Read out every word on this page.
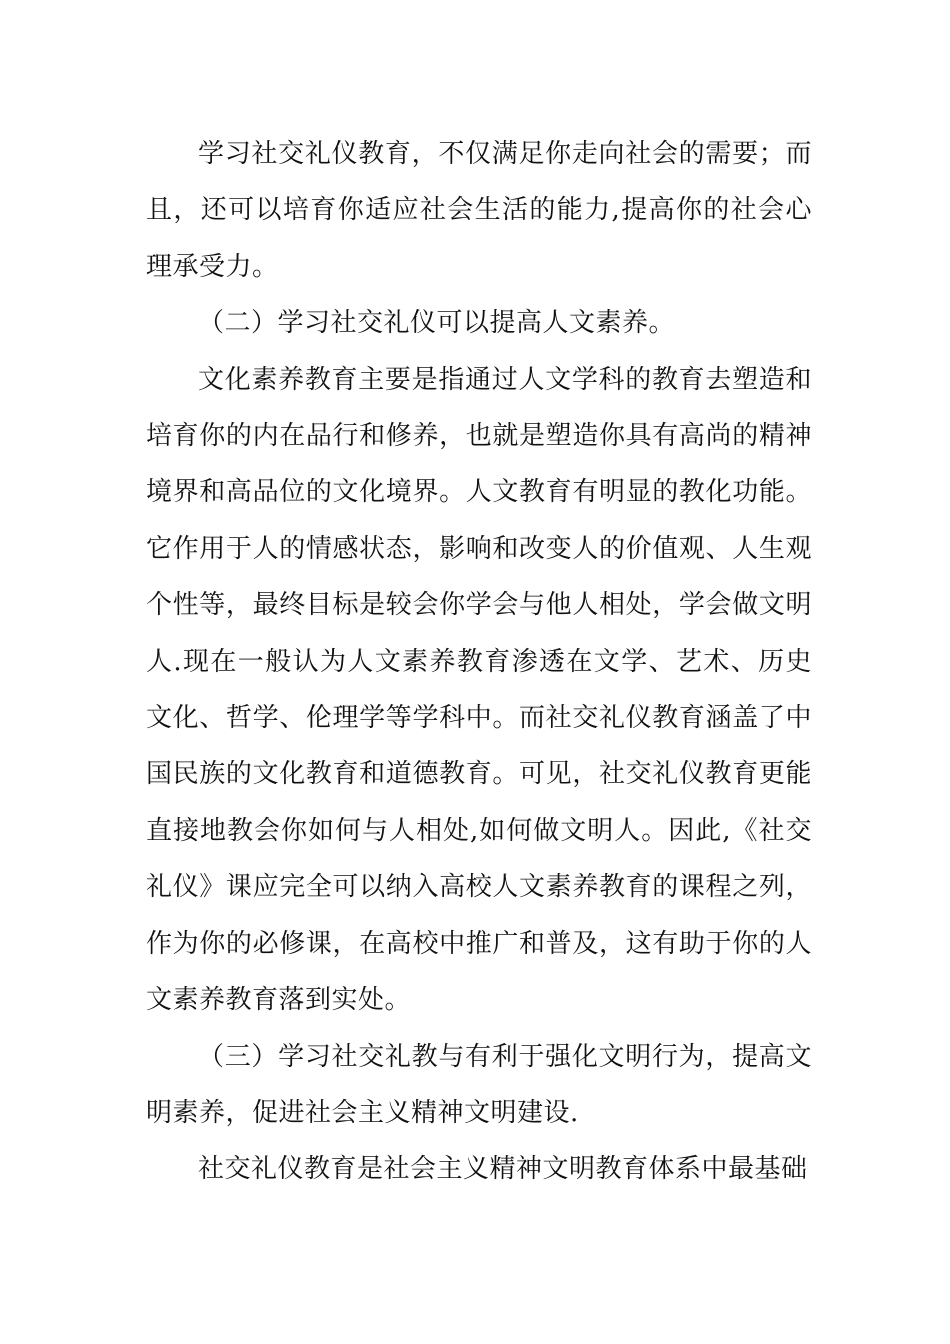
学习社交礼仪教育，不仅满足你走向社会的需要；而且，还可以培育你适应社会生活的能力,提高你的社会心理承受力。

（二）学习社交礼仪可以提高人文素养。

文化素养教育主要是指通过人文学科的教育去塑造和培育你的内在品行和修养，也就是塑造你具有高尚的精神境界和高品位的文化境界。人文教育有明显的教化功能。它作用于人的情感状态，影响和改变人的价值观、人生观个性等，最终目标是较会你学会与他人相处，学会做文明人.现在一般认为人文素养教育渗透在文学、艺术、历史文化、哲学、伦理学等学科中。而社交礼仪教育涵盖了中国民族的文化教育和道德教育。可见，社交礼仪教育更能直接地教会你如何与人相处,如何做文明人。因此,《社交礼仪》课应完全可以纳入高校人文素养教育的课程之列，作为你的必修课，在高校中推广和普及，这有助于你的人文素养教育落到实处。

（三）学习社交礼教与有利于强化文明行为，提高文明素养，促进社会主义精神文明建设.

社交礼仪教育是社会主义精神文明教育体系中最基础
